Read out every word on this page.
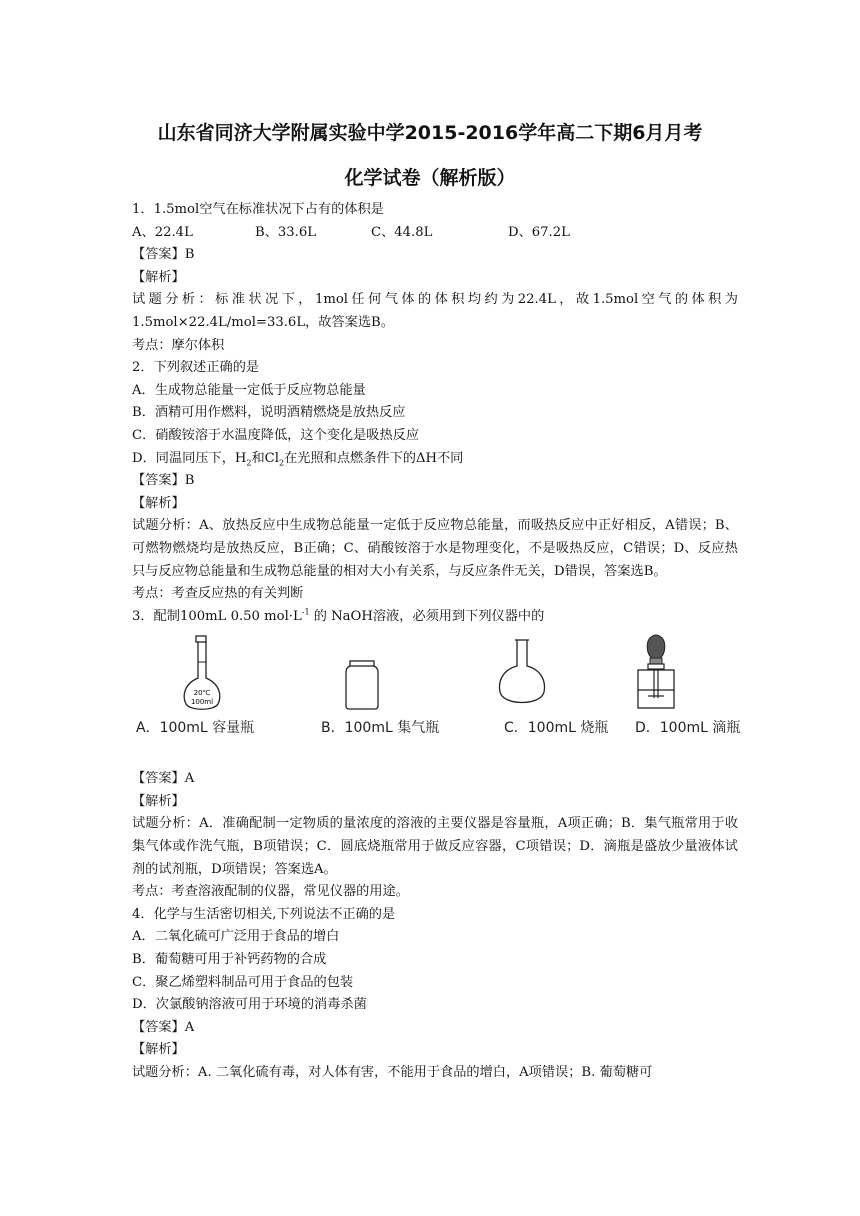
山东省同济大学附属实验中学2015-2016学年高二下期6月月考
化学试卷（解析版）
1．1.5mol空气在标准状况下占有的体积是
A、22.4L	B、33.6L	C、44.8L	D、67.2L
【答案】B
【解析】
试题分析：标准状况下，1mol任何气体的体积均约为22.4L，故1.5mol空气的体积为1.5mol×22.4L/mol=33.6L，故答案选B。
考点：摩尔体积
2．下列叙述正确的是
A．生成物总能量一定低于反应物总能量
B．酒精可用作燃料，说明酒精燃烧是放热反应
C．硝酸铵溶于水温度降低，这个变化是吸热反应
D．同温同压下，$H_2$和$Cl_2$在光照和点燃条件下的ΔH不同
【答案】B
【解析】
试题分析：A、放热反应中生成物总能量一定低于反应物总能量，而吸热反应中正好相反，A错误；B、可燃物燃烧均是放热反应，B正确；C、硝酸铵溶于水是物理变化，不是吸热反应，C错误；D、反应热只与反应物总能量和生成物总能量的相对大小有关系，与反应条件无关，D错误，答案选B。
考点：考查反应热的有关判断
3．配制100mL 0.50 $mol\cdot L^{-1}$ 的 NaOH溶液，必须用到下列仪器中的
20℃
100ml
A．100mL 容量瓶	B．100mL 集气瓶	C．100mL 烧瓶 D．100mL 滴瓶
【答案】A
【解析】
试题分析：A．准确配制一定物质的量浓度的溶液的主要仪器是容量瓶，A项正确；B．集气瓶常用于收集气体或作洗气瓶，B项错误；C．圆底烧瓶常用于做反应容器，C项错误；D．滴瓶是盛放少量液体试剂的试剂瓶，D项错误；答案选A。
考点：考查溶液配制的仪器，常见仪器的用途。
4．化学与生活密切相关,下列说法不正确的是
A．二氧化硫可广泛用于食品的增白
B．葡萄糖可用于补钙药物的合成
C．聚乙烯塑料制品可用于食品的包装
D．次氯酸钠溶液可用于环境的消毒杀菌
【答案】A
【解析】
试题分析：A. 二氧化硫有毒，对人体有害，不能用于食品的增白，A项错误；B. 葡萄糖可
